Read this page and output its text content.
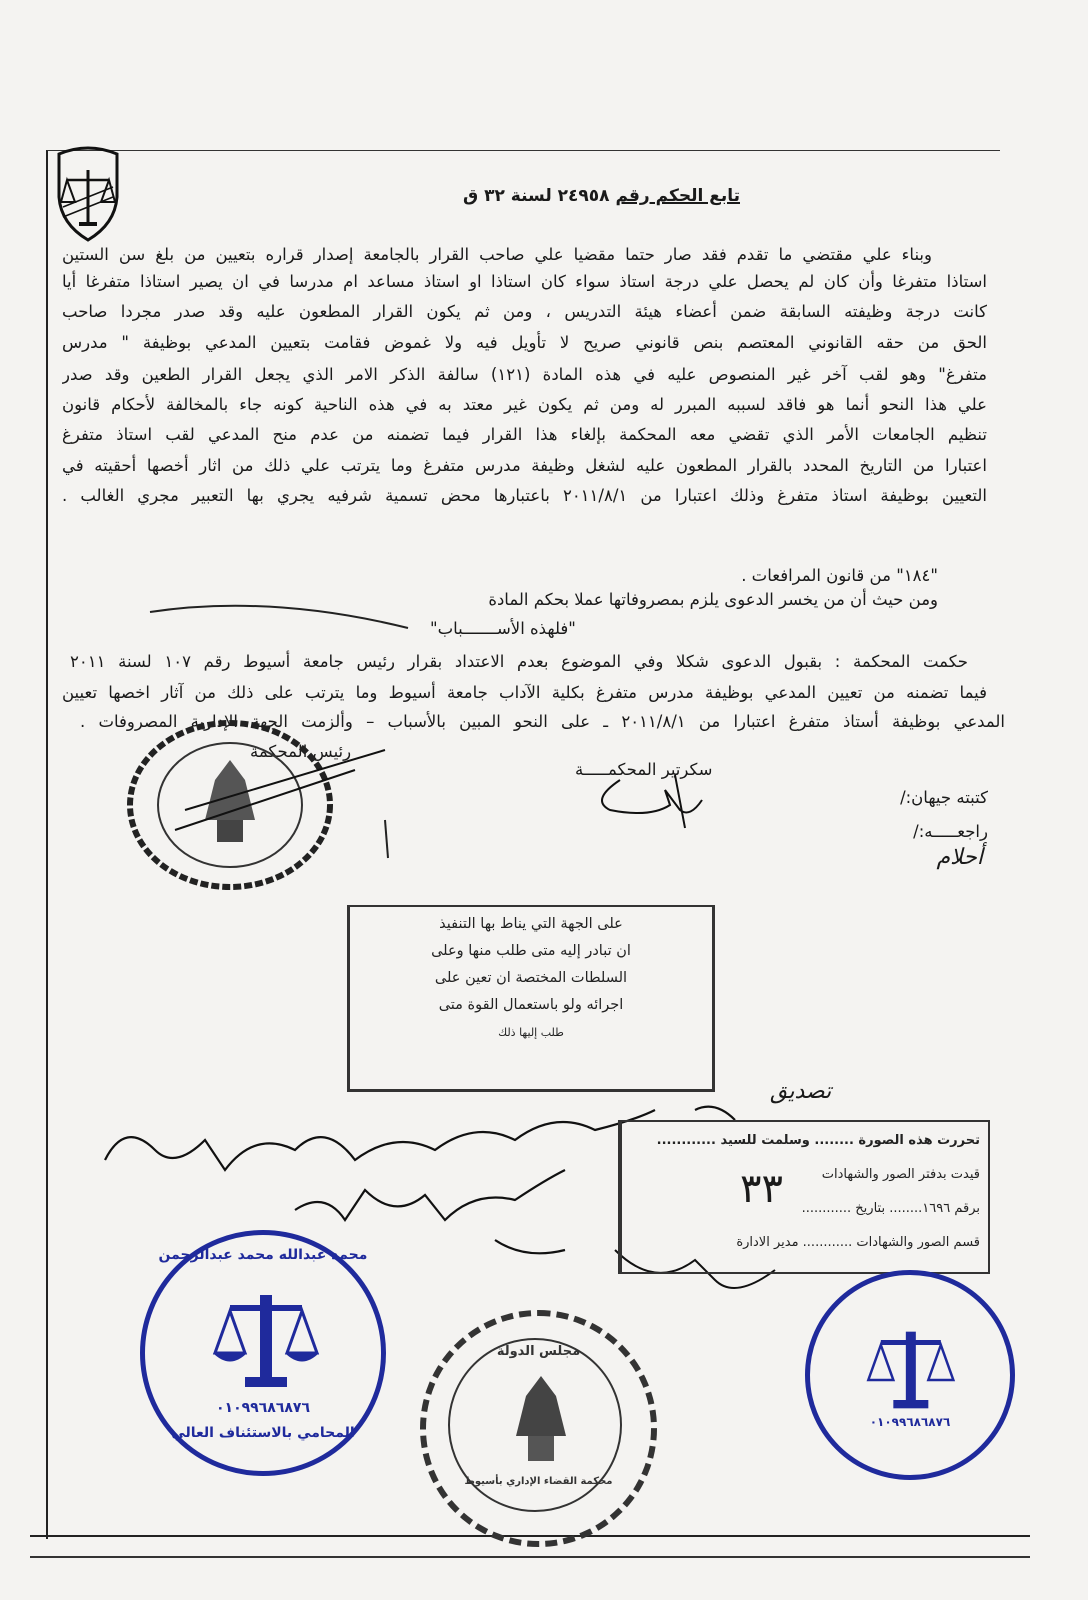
تابع الحكم رقم ٢٤٩٥٨ لسنة ٣٢ ق
وبناء علي مقتضي ما تقدم فقد صار حتما مقضيا علي صاحب القرار بالجامعة إصدار قراره بتعيين من بلغ سن الستين
استاذا متفرغا وأن كان لم يحصل علي درجة استاذ سواء كان استاذا او استاذ مساعد ام مدرسا في ان يصير استاذا متفرغا أيا
كانت درجة وظيفته السابقة ضمن أعضاء هيئة التدريس ، ومن ثم يكون القرار المطعون عليه وقد صدر مجردا صاحب
الحق من حقه القانوني المعتصم بنص قانوني صريح لا تأويل فيه ولا غموض فقامت بتعيين المدعي بوظيفة " مدرس
متفرغ" وهو لقب آخر غير المنصوص عليه في هذه المادة (١٢١) سالفة الذكر الامر الذي يجعل القرار الطعين وقد صدر
علي هذا النحو أنما هو فاقد لسببه المبرر له ومن ثم يكون غير معتد به في هذه الناحية كونه جاء بالمخالفة لأحكام قانون
تنظيم الجامعات الأمر الذي تقضي معه المحكمة بإلغاء هذا القرار فيما تضمنه من عدم منح المدعي لقب استاذ متفرغ
اعتبارا من التاريخ المحدد بالقرار المطعون عليه لشغل وظيفة مدرس متفرغ وما يترتب علي ذلك من اثار أخصها أحقيته في
التعيين بوظيفة استاذ متفرغ وذلك اعتبارا من ٢٠١١/٨/١ باعتبارها محض تسمية شرفيه يجري بها التعبير مجري الغالب .
"١٨٤" من قانون المرافعات .
ومن حيث أن من يخسر الدعوى يلزم بمصروفاتها عملا بحكم المادة
"فلهذه الأســـــــباب"
حكمت المحكمة : بقبول الدعوى شكلا وفي الموضوع بعدم الاعتداد بقرار رئيس جامعة أسيوط رقم ١٠٧ لسنة ٢٠١١
فيما تضمنه من تعيين المدعي بوظيفة مدرس متفرغ بكلية الآداب جامعة أسيوط وما يترتب على ذلك من آثار اخصها تعيين
المدعي بوظيفة أستاذ متفرغ اعتبارا من ٢٠١١/٨/١ ـ على النحو المبين بالأسباب – وألزمت الجهة الإدارية المصروفات .
رئيس المحكمة
سكرتير المحكمـــــة
كتبته جيهان:/
راجعـــــه:/
أحلام
على الجهة التي يناط بها التنفيذ
ان تبادر إليه متى طلب منها وعلى
السلطات المختصة ان تعين على
اجرائه ولو باستعمال القوة متى
طلب إليها ذلك
تصديق
تحررت هذه الصورة ........ وسلمت للسيد ............
قيدت بدفتر الصور والشهادات
برقم ١٦٩٦........ بتاريخ ............
قسم الصور والشهادات ............ مدير الادارة
٣٣
محمد عبدالله محمد عبدالرحمن
٠١٠٩٩٦٨٦٨٧٦
المحامي بالاستئناف العالي
مجلس الدولة
محكمة القضاء الإداري بأسيوط
٠١٠٩٩٦٨٦٨٧٦
